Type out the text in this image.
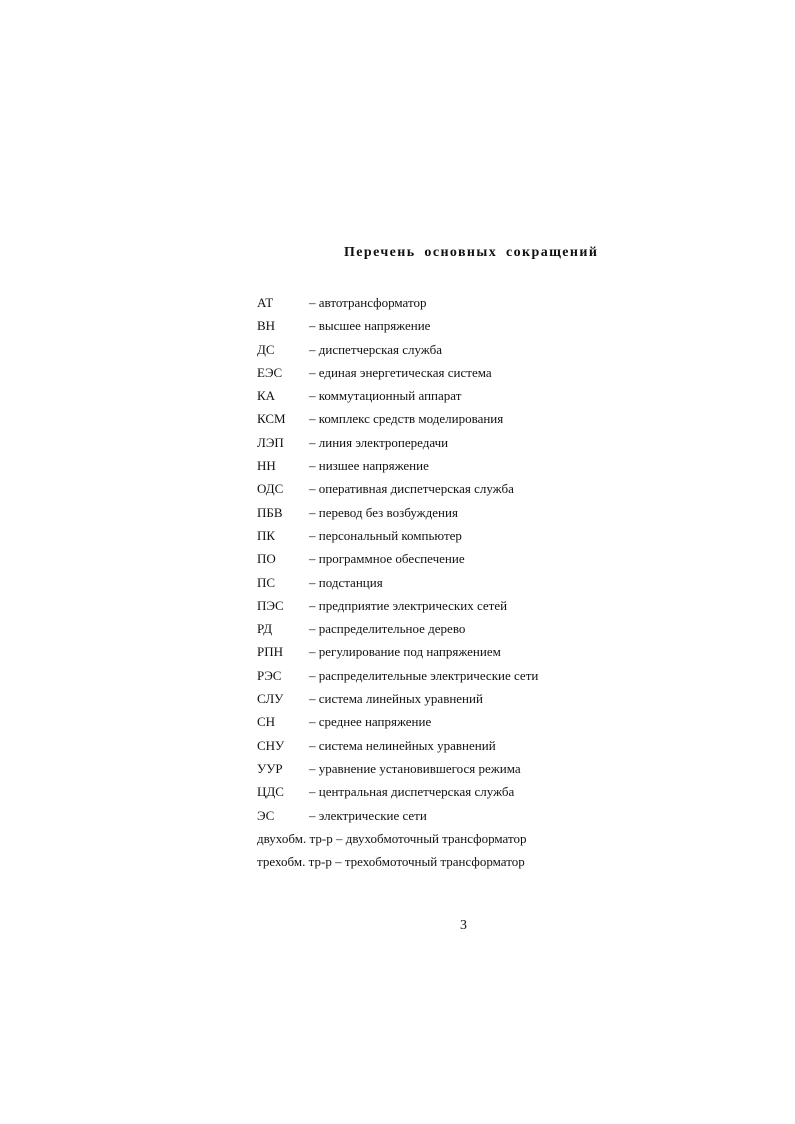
Перечень основных сокращений
АТ	– автотрансформатор
ВН	– высшее напряжение
ДС	– диспетчерская служба
ЕЭС – единая энергетическая система
КА	– коммутационный аппарат
КСМ – комплекс средств моделирования
ЛЭП – линия электропередачи
НН	– низшее напряжение
ОДС – оперативная диспетчерская служба
ПБВ – перевод без возбуждения
ПК	– персональный компьютер
ПО	– программное обеспечение
ПС	– подстанция
ПЭС – предприятие электрических сетей
РД	– распределительное дерево
РПН – регулирование под напряжением
РЭС – распределительные электрические сети
СЛУ – система линейных уравнений
СН	– среднее напряжение
СНУ – система нелинейных уравнений
УУР – уравнение установившегося режима
ЦДС – центральная диспетчерская служба
ЭС	– электрические сети
двухобм. тр-р – двухобмоточный трансформатор
трехобм. тр-р – трехобмоточный трансформатор
3
